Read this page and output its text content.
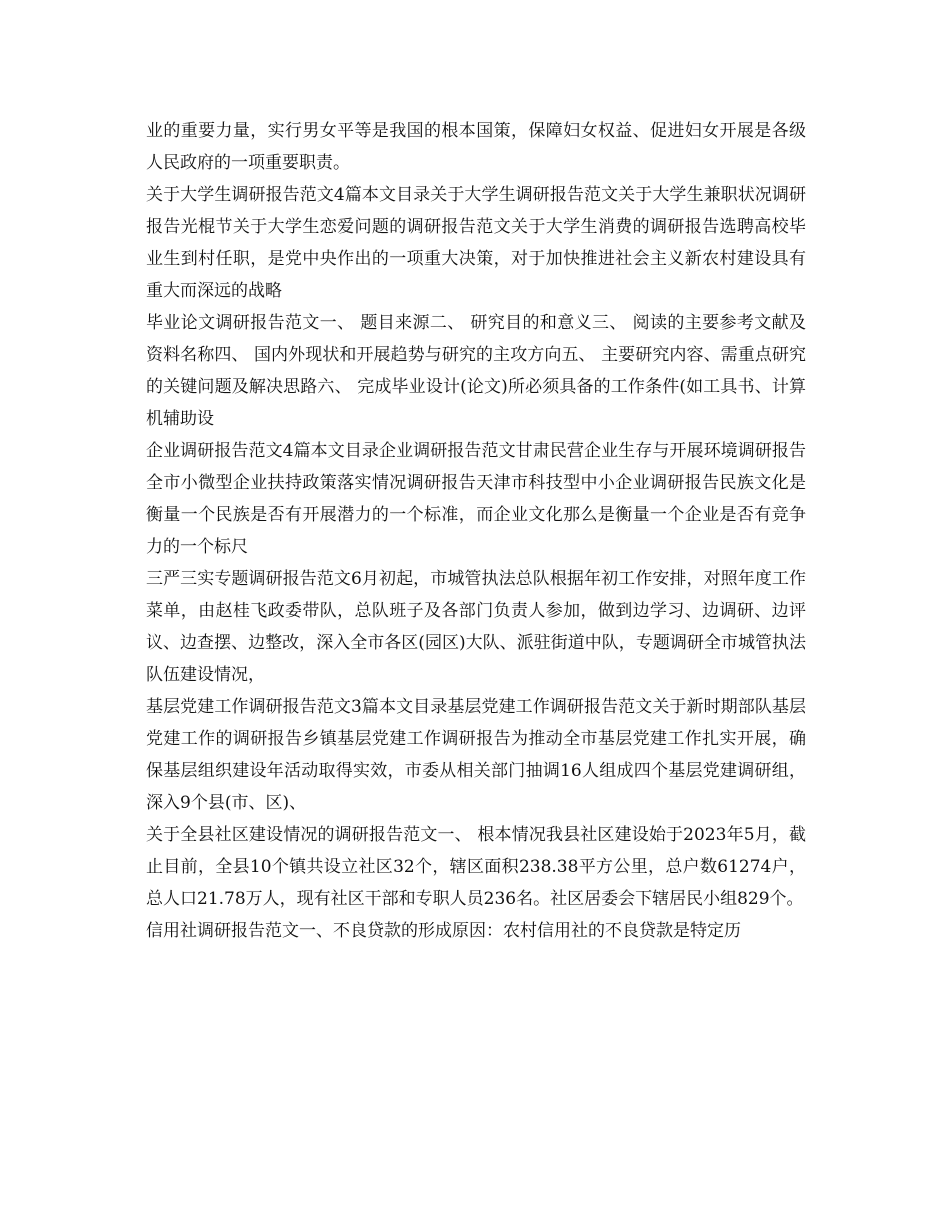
业的重要力量，实行男女平等是我国的根本国策，保障妇女权益、促进妇女开展是各级人民政府的一项重要职责。

关于大学生调研报告范文4篇本文目录关于大学生调研报告范文关于大学生兼职状况调研报告光棍节关于大学生恋爱问题的调研报告范文关于大学生消费的调研报告选聘高校毕业生到村任职，是党中央作出的一项重大决策，对于加快推进社会主义新农村建设具有重大而深远的战略

毕业论文调研报告范文一、 题目来源二、 研究目的和意义三、 阅读的主要参考文献及资料名称四、 国内外现状和开展趋势与研究的主攻方向五、 主要研究内容、需重点研究的关键问题及解决思路六、 完成毕业设计(论文)所必须具备的工作条件(如工具书、计算机辅助设

企业调研报告范文4篇本文目录企业调研报告范文甘肃民营企业生存与开展环境调研报告全市小微型企业扶持政策落实情况调研报告天津市科技型中小企业调研报告民族文化是衡量一个民族是否有开展潜力的一个标准，而企业文化那么是衡量一个企业是否有竞争力的一个标尺

三严三实专题调研报告范文6月初起，市城管执法总队根据年初工作安排，对照年度工作菜单，由赵桂飞政委带队，总队班子及各部门负责人参加，做到边学习、边调研、边评议、边查摆、边整改，深入全市各区(园区)大队、派驻街道中队，专题调研全市城管执法队伍建设情况，

基层党建工作调研报告范文3篇本文目录基层党建工作调研报告范文关于新时期部队基层党建工作的调研报告乡镇基层党建工作调研报告为推动全市基层党建工作扎实开展，确保基层组织建设年活动取得实效，市委从相关部门抽调16人组成四个基层党建调研组，深入9个县(市、区)、

关于全县社区建设情况的调研报告范文一、 根本情况我县社区建设始于2023年5月，截止目前，全县10个镇共设立社区32个，辖区面积238.38平方公里，总户数61274户，总人口21.78万人，现有社区干部和专职人员236名。社区居委会下辖居民小组829个。

信用社调研报告范文一、不良贷款的形成原因：农村信用社的不良贷款是特定历
